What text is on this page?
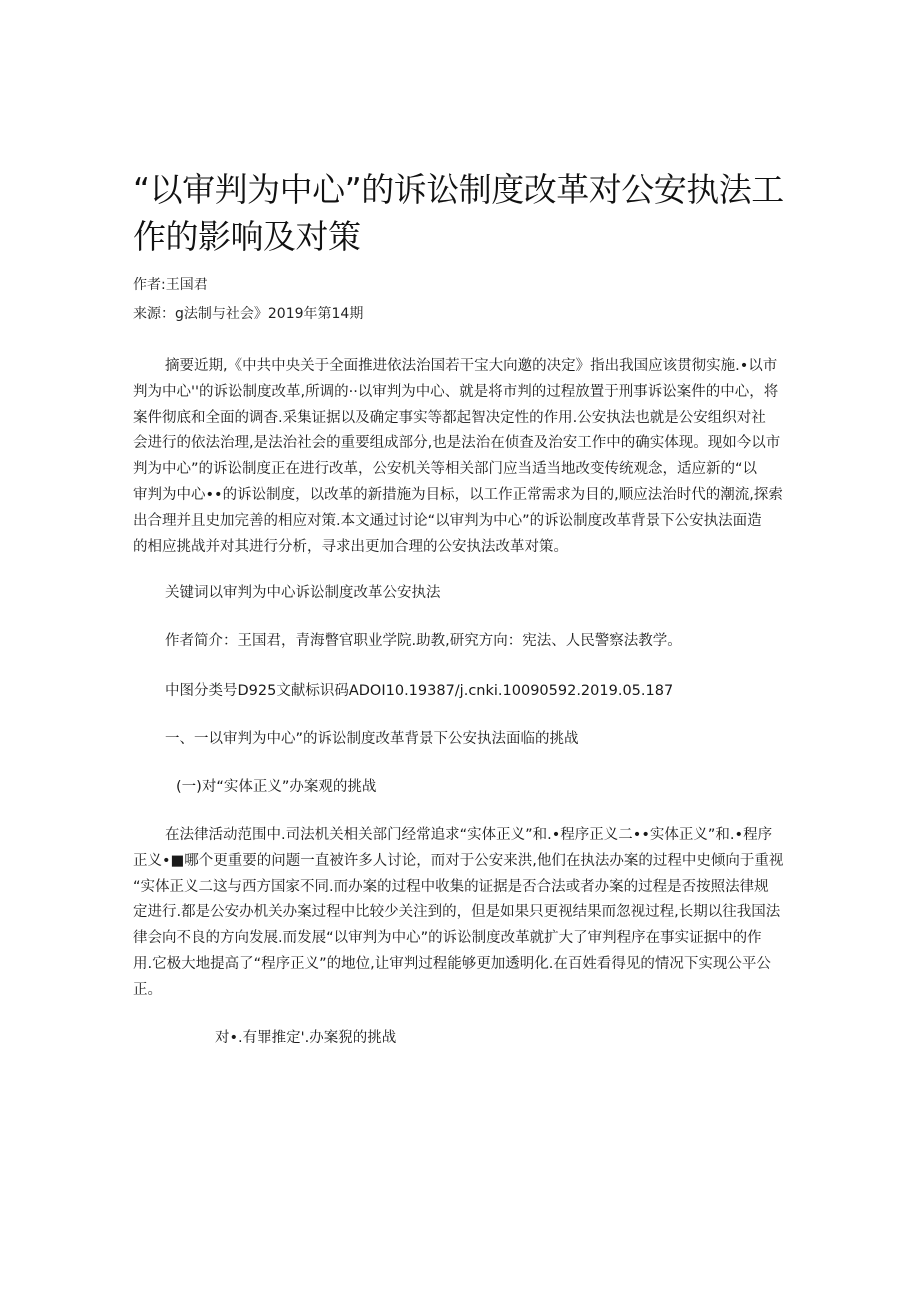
“以审判为中心”的诉讼制度改革对公安执法工
作的影响及对策
作者:王国君
来源：g法制与社会》2019年第14期
摘要近期,《中共中央关于全面推进依法治国若干宝大向邀的决定》指出我国应该贯彻实施.•以市
判为中心''的诉讼制度改革,所调的··以审判为中心、就是将市判的过程放置于刑事诉讼案件的中心，将
案件彻底和全面的调杳.采集证据以及确定事实等都起智决定性的作用.公安执法也就是公安组织对社
会进行的依法治理,是法治社会的重要组成部分,也是法治在侦査及治安工作中的确实体现。现如今以市
判为中心”的诉讼制度正在进行改革，公安机关等相关部门应当适当地改变传统观念，适应新的“以
审判为中心••的诉讼制度，以改革的新措施为目标，以工作正常需求为目的,顺应法治时代的潮流,探索
出合理并且史加完善的相应对策.本文通过讨论“以审判为中心”的诉讼制度改革背景下公安执法面造
的相应挑战并对其进行分析，寻求出更加合理的公安执法改革对策。
关键词以审判为中心诉讼制度改革公安执法
作者简介：王国君，青海瞥官职业学院.助教,研究方向：宪法、人民警察法教学。
中图分类号D925文献标识码ADOI10.19387/j.cnki.10090592.2019.05.187
一、一以审判为中心”的诉讼制度改革背景下公安执法面临的挑战
(一)对“实体正义”办案观的挑战
在法律活动范围中.司法机关相关部门经常追求“实体正义”和.•程序正义二••实体正义”和.•程序
正义•■哪个更重要的问题一直被许多人讨论，而对于公安来洪,他们在执法办案的过程中史倾向于重视
“实体正义二这与西方国家不同.而办案的过程中收集的证据是否合法或者办案的过程是否按照法律规
定进行.都是公安办机关办案过程中比较少关注到的，但是如果只更视结果而忽视过程,长期以往我国法
律会向不良的方向发展.而发展“以审判为中心”的诉讼制度改革就扩大了审判程序在事实证据中的作
用.它极大地提高了“程序正义”的地位,让审判过程能够更加透明化.在百姓看得见的情况下实现公平公
正。
对•.有罪推定'.办案猊的挑战
